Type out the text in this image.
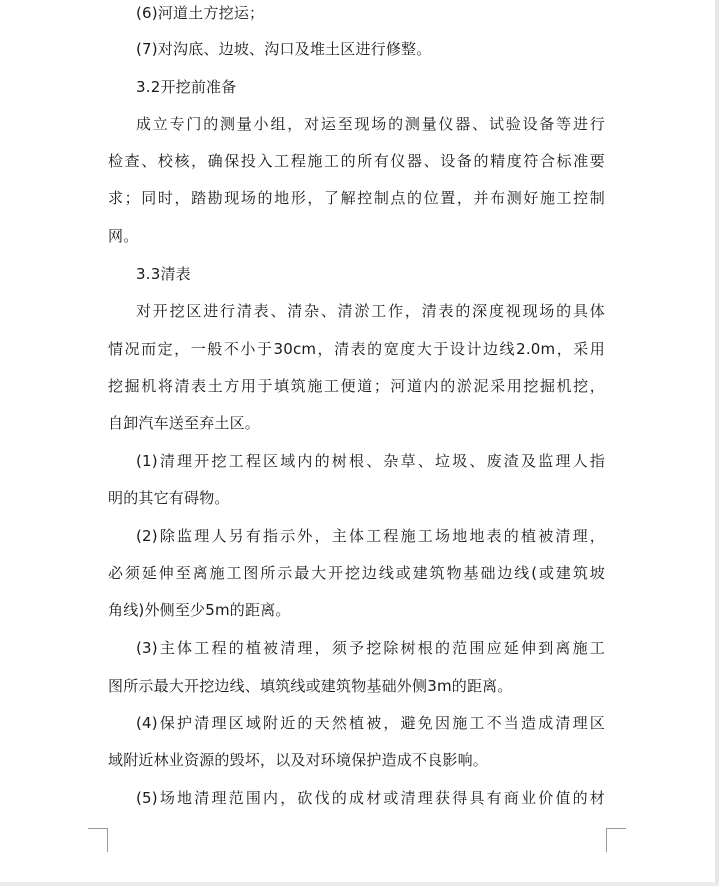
(6)河道土方挖运；
(7)对沟底、边坡、沟口及堆土区进行修整。
3.2开挖前准备
成立专门的测量小组，对运至现场的测量仪器、试验设备等进行
检查、校核，确保投入工程施工的所有仪器、设备的精度符合标准要
求；同时，踏勘现场的地形，了解控制点的位置，并布测好施工控制
网。
3.3清表
对开挖区进行清表、清杂、清淤工作，清表的深度视现场的具体
情况而定，一般不小于30cm，清表的宽度大于设计边线2.0m，采用
挖掘机将清表土方用于填筑施工便道；河道内的淤泥采用挖掘机挖，
自卸汽车送至弃土区。
(1)清理开挖工程区域内的树根、杂草、垃圾、废渣及监理人指
明的其它有碍物。
(2)除监理人另有指示外，主体工程施工场地地表的植被清理，
必须延伸至离施工图所示最大开挖边线或建筑物基础边线(或建筑坡
角线)外侧至少5m的距离。
(3)主体工程的植被清理，须予挖除树根的范围应延伸到离施工
图所示最大开挖边线、填筑线或建筑物基础外侧3m的距离。
(4)保护清理区域附近的天然植被，避免因施工不当造成清理区
域附近林业资源的毁坏，以及对环境保护造成不良影响。
(5)场地清理范围内，砍伐的成材或清理获得具有商业价值的材
